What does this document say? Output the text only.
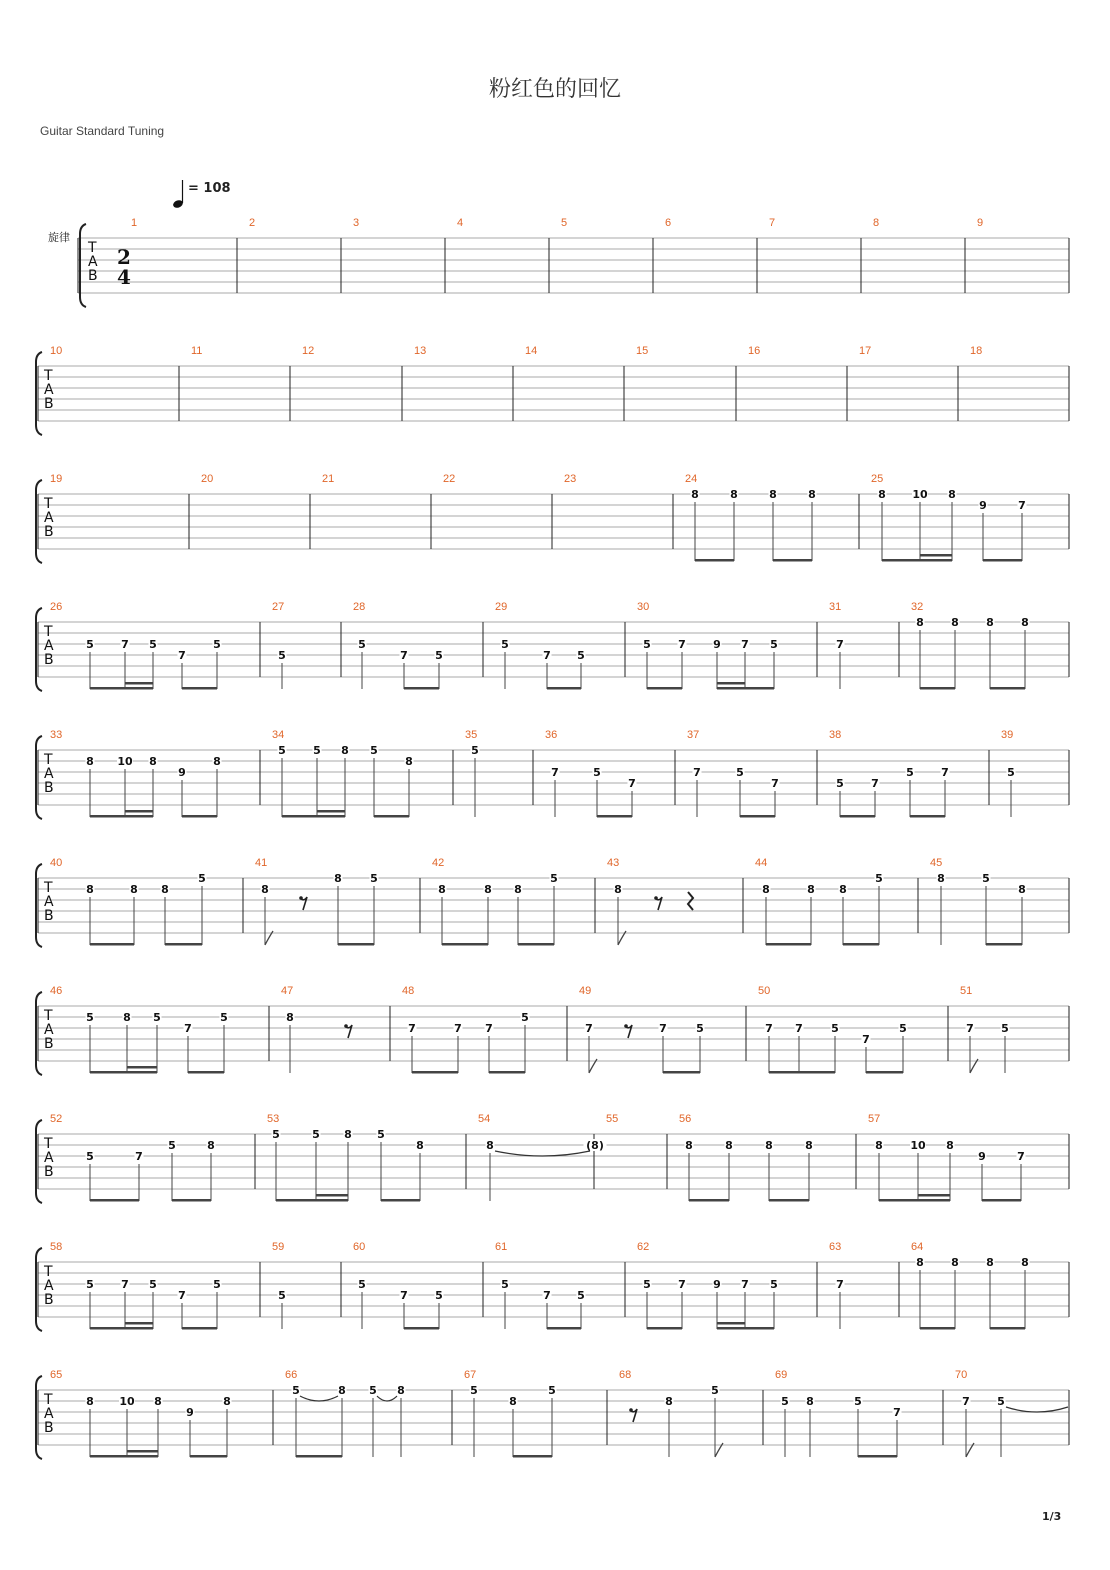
粉红色的回忆
Guitar Standard Tuning
= 108
1/3
T
A
B
1	2	3	4	5	6	7	8	9
T
A
B
10	11	12	13	14	15	16	17	18
T
A
B
19	20	21	22	23	24	25
T
A
B
26	27	28	29	30	31	32
T
A
B
33	34	35	36	37	38	39
T
A
B
40	41	42	43	44	45
T
A
B
46	47	48	49	50	51
T
A
B
52	53	54	55	56	57
T
A
B
58	59	60	61	62	63	64
T
A
B
65	66	67	68	69	70
旋律
2
4
8	8	8	8	8 10 8
9	7
5 7 5
7
5
5
5
7 5
5
7 5
5 7 9 7 5	7
8 8 8 8
8 10 8
9
8
5 5 8 5
8
5
7	5
7
7	5
7	5 7
5 7	5
8	8 8
5
8
8	5
8	8 8
5
8	8	8 8
5	8	5
8
5	8 5
7
5	8
7	7 7
5
7	7	5	7 7	5
7
5	7 5
5	7
5	8
5	5 8 5
8	8	(8)	8	8	8	8	8	10 8
9	7
5 7 5
7
5
5
5
7 5
5
7 5
5 7 9 7 5	7
8 8 8 8
8 10 8
9
8
5	8 5 8	5
8
5
8
5
5 8	5
7
7 5
